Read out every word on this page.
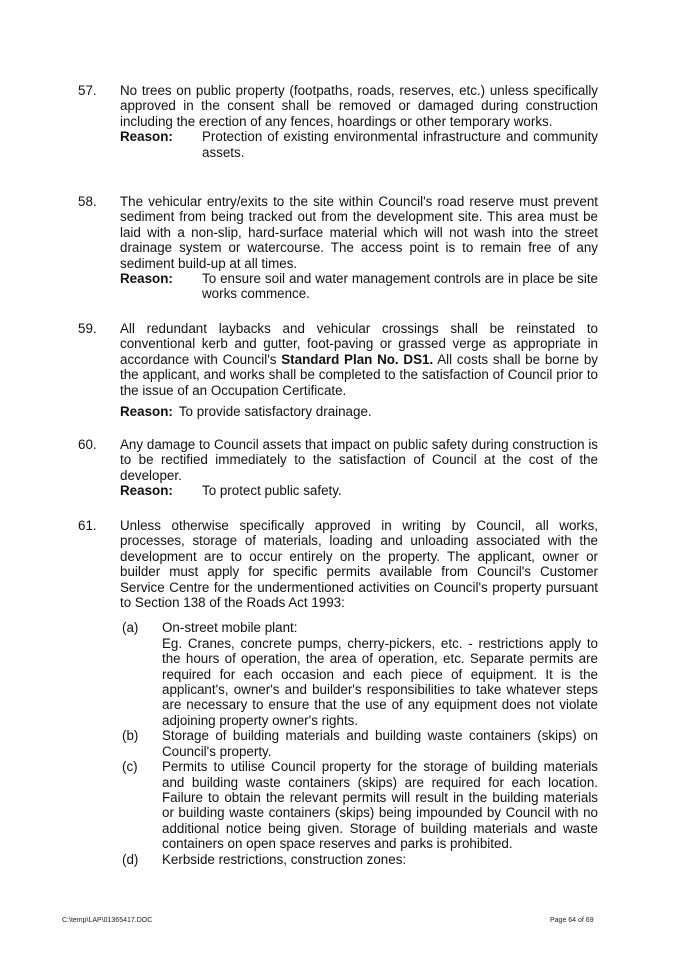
57.	No trees on public property (footpaths, roads, reserves, etc.) unless specifically approved in the consent shall be removed or damaged during construction including the erection of any fences, hoardings or other temporary works.
Reason:	Protection of existing environmental infrastructure and community assets.
58.	The vehicular entry/exits to the site within Council's road reserve must prevent sediment from being tracked out from the development site. This area must be laid with a non-slip, hard-surface material which will not wash into the street drainage system or watercourse. The access point is to remain free of any sediment build-up at all times.
Reason:	To ensure soil and water management controls are in place be site works commence.
59.	All redundant laybacks and vehicular crossings shall be reinstated to conventional kerb and gutter, foot-paving or grassed verge as appropriate in accordance with Council's Standard Plan No. DS1. All costs shall be borne by the applicant, and works shall be completed to the satisfaction of Council prior to the issue of an Occupation Certificate.
Reason: To provide satisfactory drainage.
60.	Any damage to Council assets that impact on public safety during construction is to be rectified immediately to the satisfaction of Council at the cost of the developer.
Reason:	To protect public safety.
61.	Unless otherwise specifically approved in writing by Council, all works, processes, storage of materials, loading and unloading associated with the development are to occur entirely on the property. The applicant, owner or builder must apply for specific permits available from Council's Customer Service Centre for the undermentioned activities on Council's property pursuant to Section 138 of the Roads Act 1993:
(a)	On-street mobile plant:
Eg. Cranes, concrete pumps, cherry-pickers, etc. - restrictions apply to the hours of operation, the area of operation, etc. Separate permits are required for each occasion and each piece of equipment. It is the applicant's, owner's and builder's responsibilities to take whatever steps are necessary to ensure that the use of any equipment does not violate adjoining property owner's rights.
(b)	Storage of building materials and building waste containers (skips) on Council's property.
(c)	Permits to utilise Council property for the storage of building materials and building waste containers (skips) are required for each location. Failure to obtain the relevant permits will result in the building materials or building waste containers (skips) being impounded by Council with no additional notice being given. Storage of building materials and waste containers on open space reserves and parks is prohibited.
(d)	Kerbside restrictions, construction zones:
C:\temp\LAP\01365417.DOC	Page 64 of 69
